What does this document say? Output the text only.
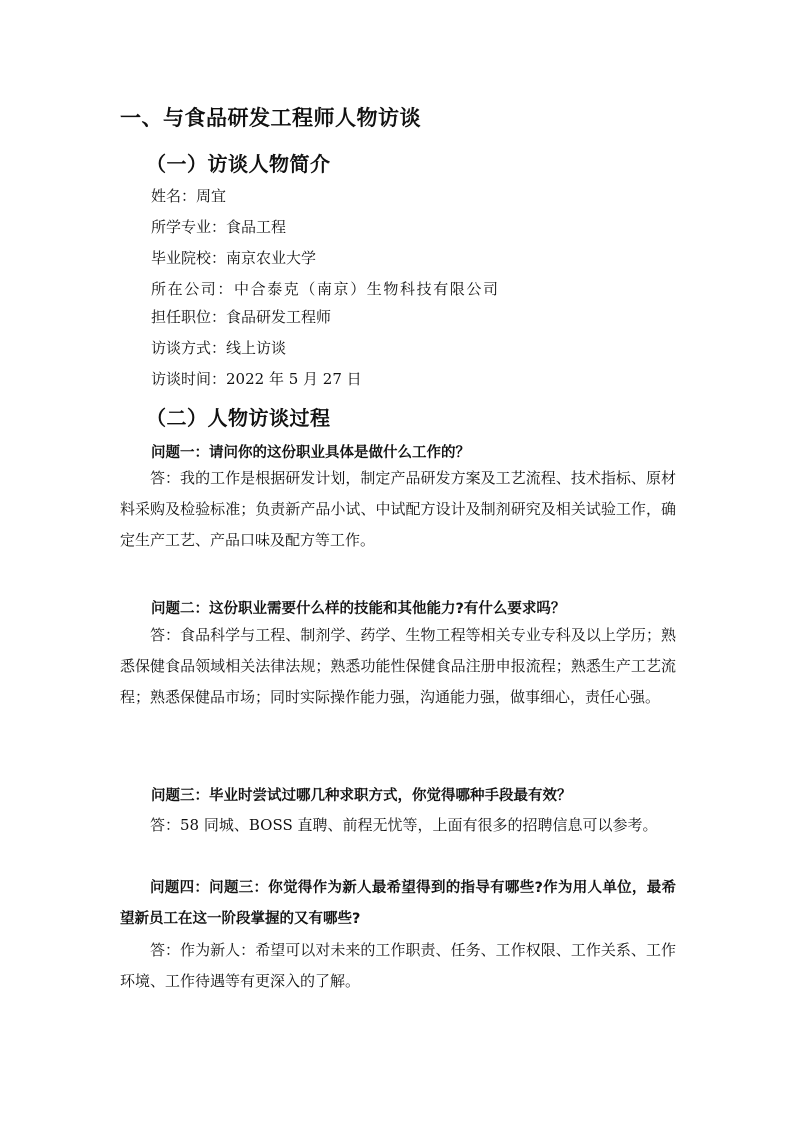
一、与食品研发工程师人物访谈
（一）访谈人物简介
姓名：周宜
所学专业：食品工程
毕业院校：南京农业大学
所在公司：中合泰克（南京）生物科技有限公司
担任职位：食品研发工程师
访谈方式：线上访谈
访谈时间：2022 年 5 月 27 日
（二）人物访谈过程
问题一：请问你的这份职业具体是做什么工作的？

答：我的工作是根据研发计划，制定产品研发方案及工艺流程、技术指标、原材料采购及检验标准；负责新产品小试、中试配方设计及制剂研究及相关试验工作，确定生产工艺、产品口味及配方等工作。

问题二：这份职业需要什么样的技能和其他能力?有什么要求吗？

答：食品科学与工程、制剂学、药学、生物工程等相关专业专科及以上学历；熟悉保健食品领域相关法律法规；熟悉功能性保健食品注册申报流程；熟悉生产工艺流程；熟悉保健品市场；同时实际操作能力强，沟通能力强，做事细心，责任心强。

问题三：毕业时尝试过哪几种求职方式，你觉得哪种手段最有效？

答：58 同城、BOSS 直聘、前程无忧等，上面有很多的招聘信息可以参考。

问题四：问题三：你觉得作为新人最希望得到的指导有哪些?作为用人单位，最希望新员工在这一阶段掌握的又有哪些?

答：作为新人：希望可以对未来的工作职责、任务、工作权限、工作关系、工作环境、工作待遇等有更深入的了解。
